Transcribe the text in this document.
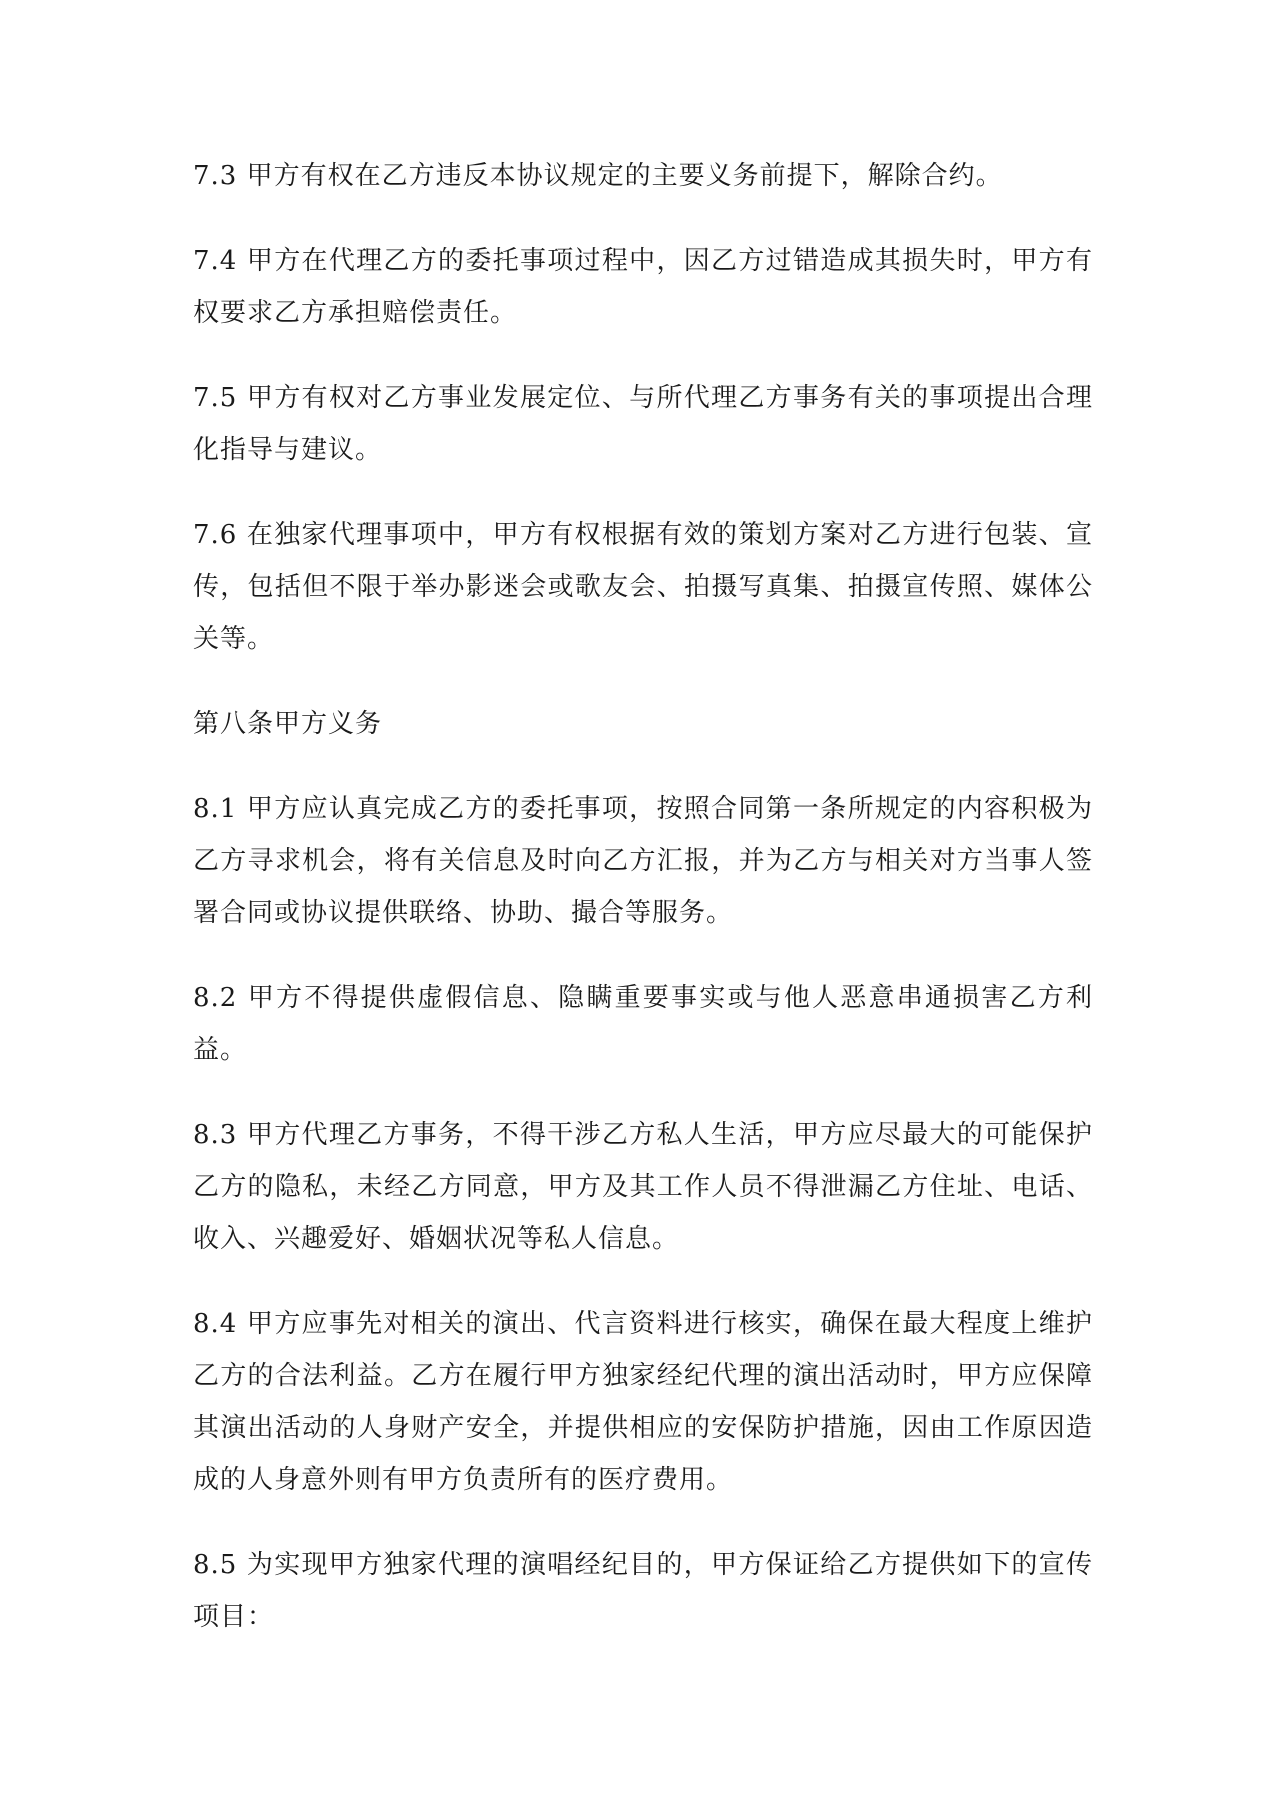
7.3 甲方有权在乙方违反本协议规定的主要义务前提下，解除合约。

7.4 甲方在代理乙方的委托事项过程中，因乙方过错造成其损失时，甲方有权要求乙方承担赔偿责任。

7.5 甲方有权对乙方事业发展定位、与所代理乙方事务有关的事项提出合理化指导与建议。

7.6 在独家代理事项中，甲方有权根据有效的策划方案对乙方进行包装、宣传，包括但不限于举办影迷会或歌友会、拍摄写真集、拍摄宣传照、媒体公关等。

第八条甲方义务

8.1 甲方应认真完成乙方的委托事项，按照合同第一条所规定的内容积极为乙方寻求机会，将有关信息及时向乙方汇报，并为乙方与相关对方当事人签署合同或协议提供联络、协助、撮合等服务。

8.2 甲方不得提供虚假信息、隐瞒重要事实或与他人恶意串通损害乙方利益。

8.3 甲方代理乙方事务，不得干涉乙方私人生活，甲方应尽最大的可能保护乙方的隐私，未经乙方同意，甲方及其工作人员不得泄漏乙方住址、电话、收入、兴趣爱好、婚姻状况等私人信息。

8.4 甲方应事先对相关的演出、代言资料进行核实，确保在最大程度上维护乙方的合法利益。乙方在履行甲方独家经纪代理的演出活动时，甲方应保障其演出活动的人身财产安全，并提供相应的安保防护措施，因由工作原因造成的人身意外则有甲方负责所有的医疗费用。

8.5 为实现甲方独家代理的演唱经纪目的，甲方保证给乙方提供如下的宣传项目：
